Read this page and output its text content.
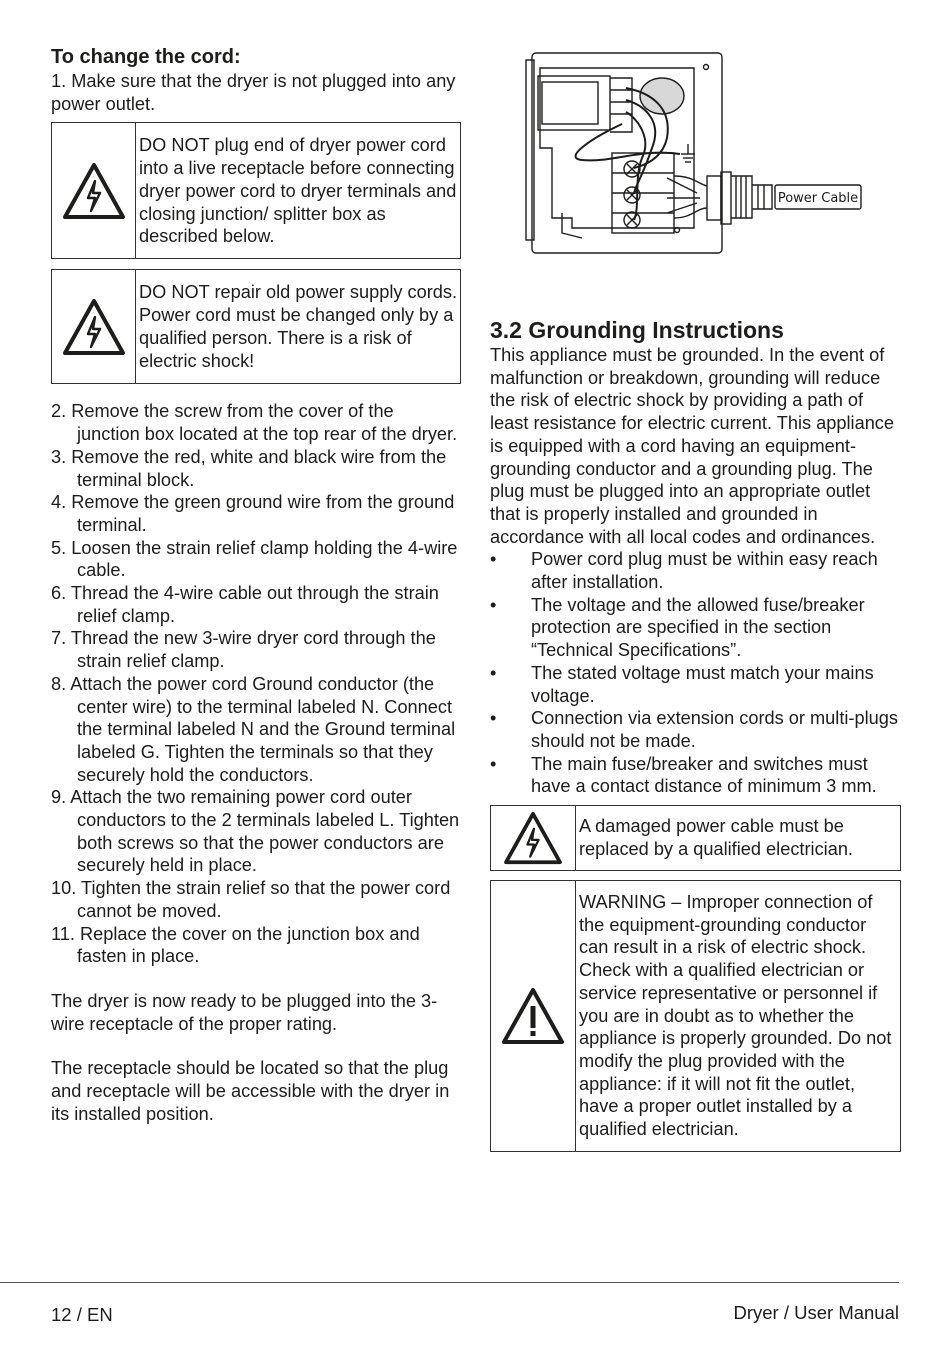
To change the cord:

1. Make sure that the dryer is not plugged into any power outlet.

DO NOT plug end of dryer power cord into a live receptacle before connecting dryer power cord to dryer terminals and closing junction/ splitter box as described below.
DO NOT repair old power supply cords. Power cord must be changed only by a qualified person. There is a risk of electric shock!
2. Remove the screw from the cover of the junction box located at the top rear of the dryer.
3. Remove the red, white and black wire from the terminal block.
4. Remove the green ground wire from the ground terminal.
5. Loosen the strain relief clamp holding the 4-wire cable.
6. Thread the 4-wire cable out through the strain relief clamp.
7. Thread the new 3-wire dryer cord through the strain relief clamp.
8. Attach the power cord Ground conductor (the center wire) to the terminal labeled N. Connect the terminal labeled N and the Ground terminal labeled G. Tighten the terminals so that they securely hold the conductors.
9. Attach the two remaining power cord outer conductors to the 2 terminals labeled L. Tighten both screws so that the power conductors are securely held in place.
10. Tighten the strain relief so that the power cord cannot be moved.
11. Replace the cover on the junction box and fasten in place.

The dryer is now ready to be plugged into the 3-wire receptacle of the proper rating.

The receptacle should be located so that the plug and receptacle will be accessible with the dryer in its installed position.

Power Cable
3.2 Grounding Instructions

This appliance must be grounded. In the event of malfunction or breakdown, grounding will reduce the risk of electric shock by providing a path of least resistance for electric current. This appliance is equipped with a cord having an equipment-grounding conductor and a grounding plug. The plug must be plugged into an appropriate outlet that is properly installed and grounded in accordance with all local codes and ordinances.

• Power cord plug must be within easy reach after installation.
• The voltage and the allowed fuse/breaker protection are specified in the section “Technical Specifications”.
• The stated voltage must match your mains voltage.
• Connection via extension cords or multi-plugs should not be made.
• The main fuse/breaker and switches must have a contact distance of minimum 3 mm.
A damaged power cable must be replaced by a qualified electrician.
WARNING – Improper connection of the equipment-grounding conductor can result in a risk of electric shock. Check with a qualified electrician or service representative or personnel if you are in doubt as to whether the appliance is properly grounded. Do not modify the plug provided with the appliance: if it will not fit the outlet, have a proper outlet installed by a qualified electrician.
12 / EN	Dryer / User Manual
